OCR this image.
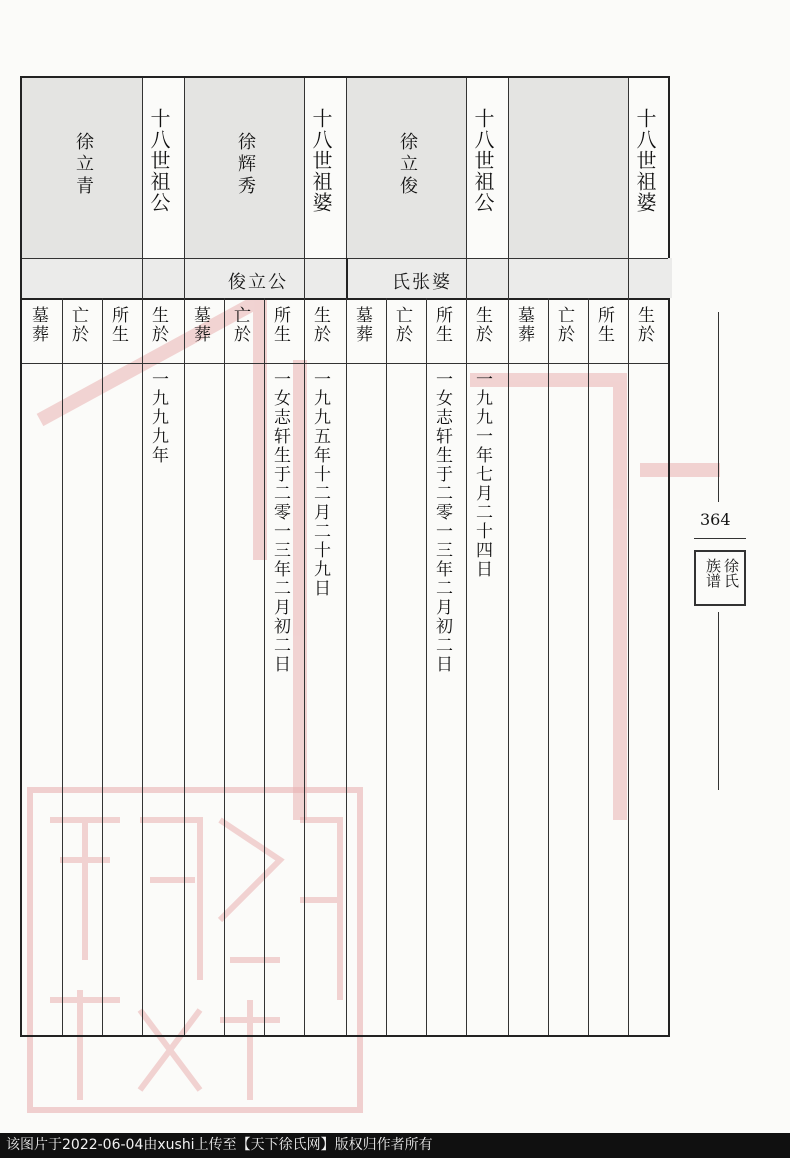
十八世祖婆
十八世祖公
十八世祖婆
十八世祖公	徐立俊
徐辉秀
徐立青
氏张婆
俊立公
生於
所生
亡於
墓葬
生於
所生
亡於
墓葬
生於
所生
亡於
墓葬
生於
所生
亡於
墓葬
一九九一年七月二十四日
一女志轩生于二零一三年二月初二日
一九九五年十二月二十九日
一女志轩生于二零一三年二月初二日
一九九九年
364
徐氏族谱
该图片于2022-06-04由xushi上传至【天下徐氏网】版权归作者所有
